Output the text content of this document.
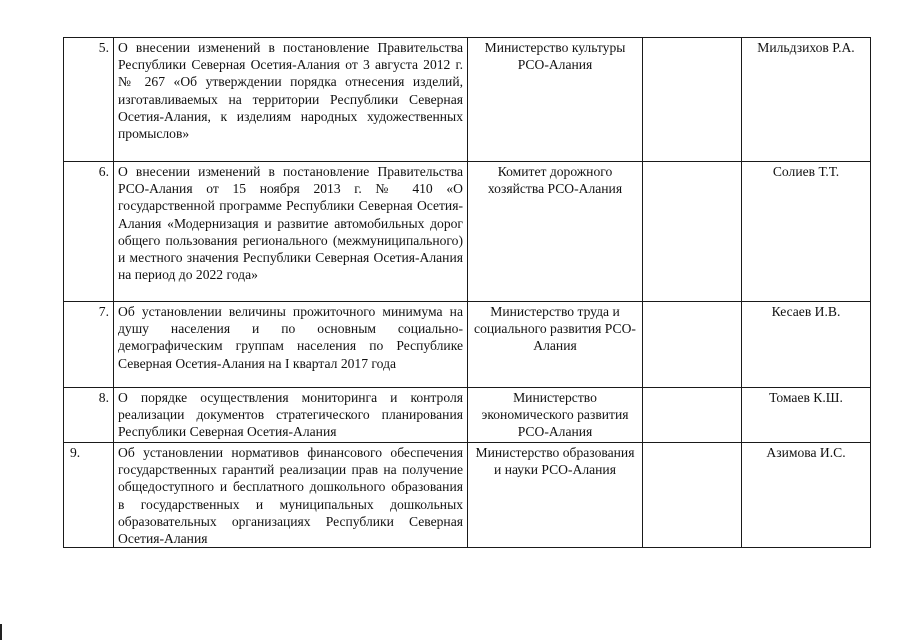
5.	О внесении изменений в постановление Правительства Республики Северная Осетия-Алания от 3 августа 2012 г. № 267 «Об утверждении порядка отнесения изделий, изготавливаемых на территории Республики Северная Осетия-Алания, к изделиям народных художественных промыслов»	Министерство культуры РСО-Алания		Мильдзихов Р.А.
6.	О внесении изменений в постановление Правительства РСО-Алания от 15 ноября 2013 г. № 410 «О государственной программе Республики Северная Осетия-Алания «Модернизация и развитие автомобильных дорог общего пользования регионального (межмуниципального) и местного значения Республики Северная Осетия-Алания на период до 2022 года»	Комитет дорожного хозяйства РСО-Алания		Солиев Т.Т.
7.	Об установлении величины прожиточного минимума на душу населения и по основным социально-демографическим группам населения по Республике Северная Осетия-Алания на I квартал 2017 года	Министерство труда и социального развития РСО-Алания		Кесаев И.В.
8.	О порядке осуществления мониторинга и контроля реализации документов стратегического планирования Республики Северная Осетия-Алания	Министерство экономического развития РСО-Алания		Томаев К.Ш.
9.	Об установлении нормативов финансового обеспечения государственных гарантий реализации прав на получение общедоступного и бесплатного дошкольного образования в государственных и муниципальных дошкольных образовательных организациях Республики Северная Осетия-Алания	Министерство образования и науки РСО-Алания		Азимова И.С.
